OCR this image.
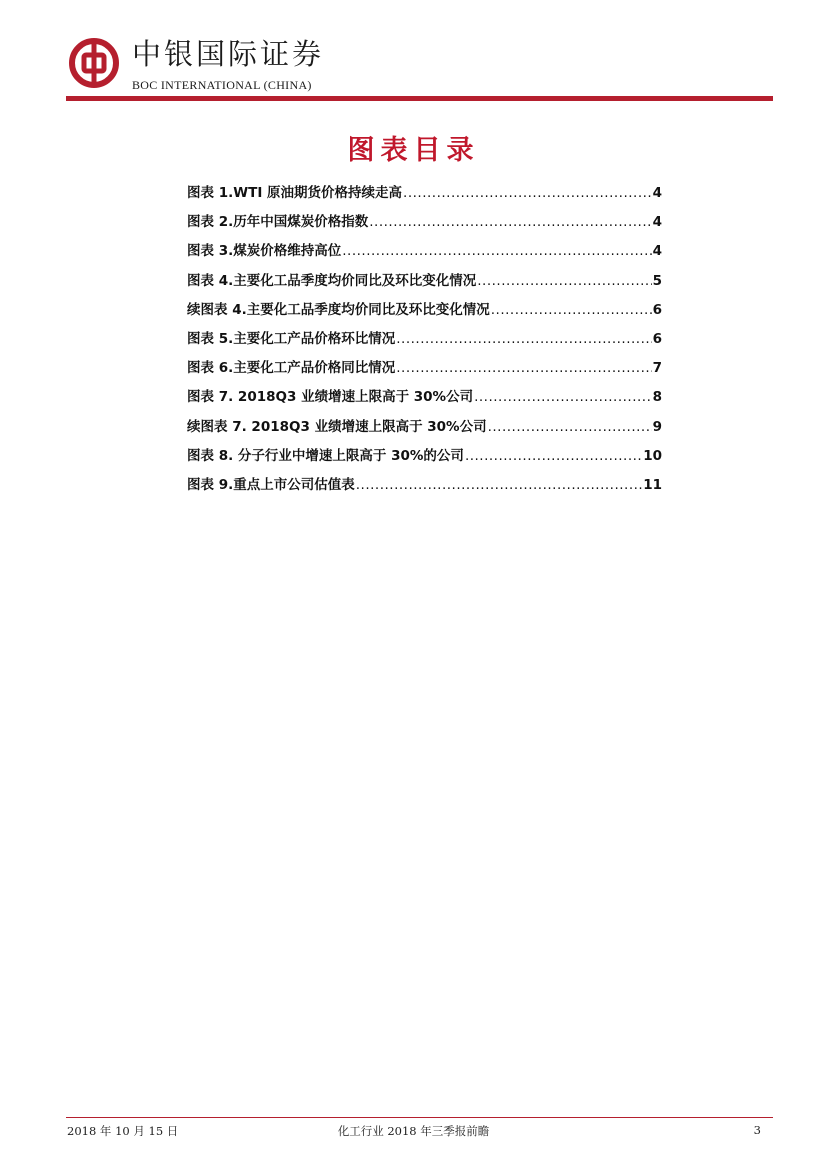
中银国际证券
BOC INTERNATIONAL (CHINA)
图表目录
图表 1.WTI 原油期货价格持续走高 .....	4
图表 2.历年中国煤炭价格指数 .....	4
图表 3.煤炭价格维持高位 .....	4
图表 4.主要化工品季度均价同比及环比变化情况 .....	5
续图表 4.主要化工品季度均价同比及环比变化情况 .....	6
图表 5.主要化工产品价格环比情况 .....	6
图表 6.主要化工产品价格同比情况 .....	7
图表 7. 2018Q3 业绩增速上限高于 30%公司 .....	8
续图表 7. 2018Q3 业绩增速上限高于 30%公司 .....	9
图表 8. 分子行业中增速上限高于 30%的公司 .....	10
图表 9.重点上市公司估值表 .....	11
2018 年 10 月 15 日	化工行业 2018 年三季报前瞻	3
